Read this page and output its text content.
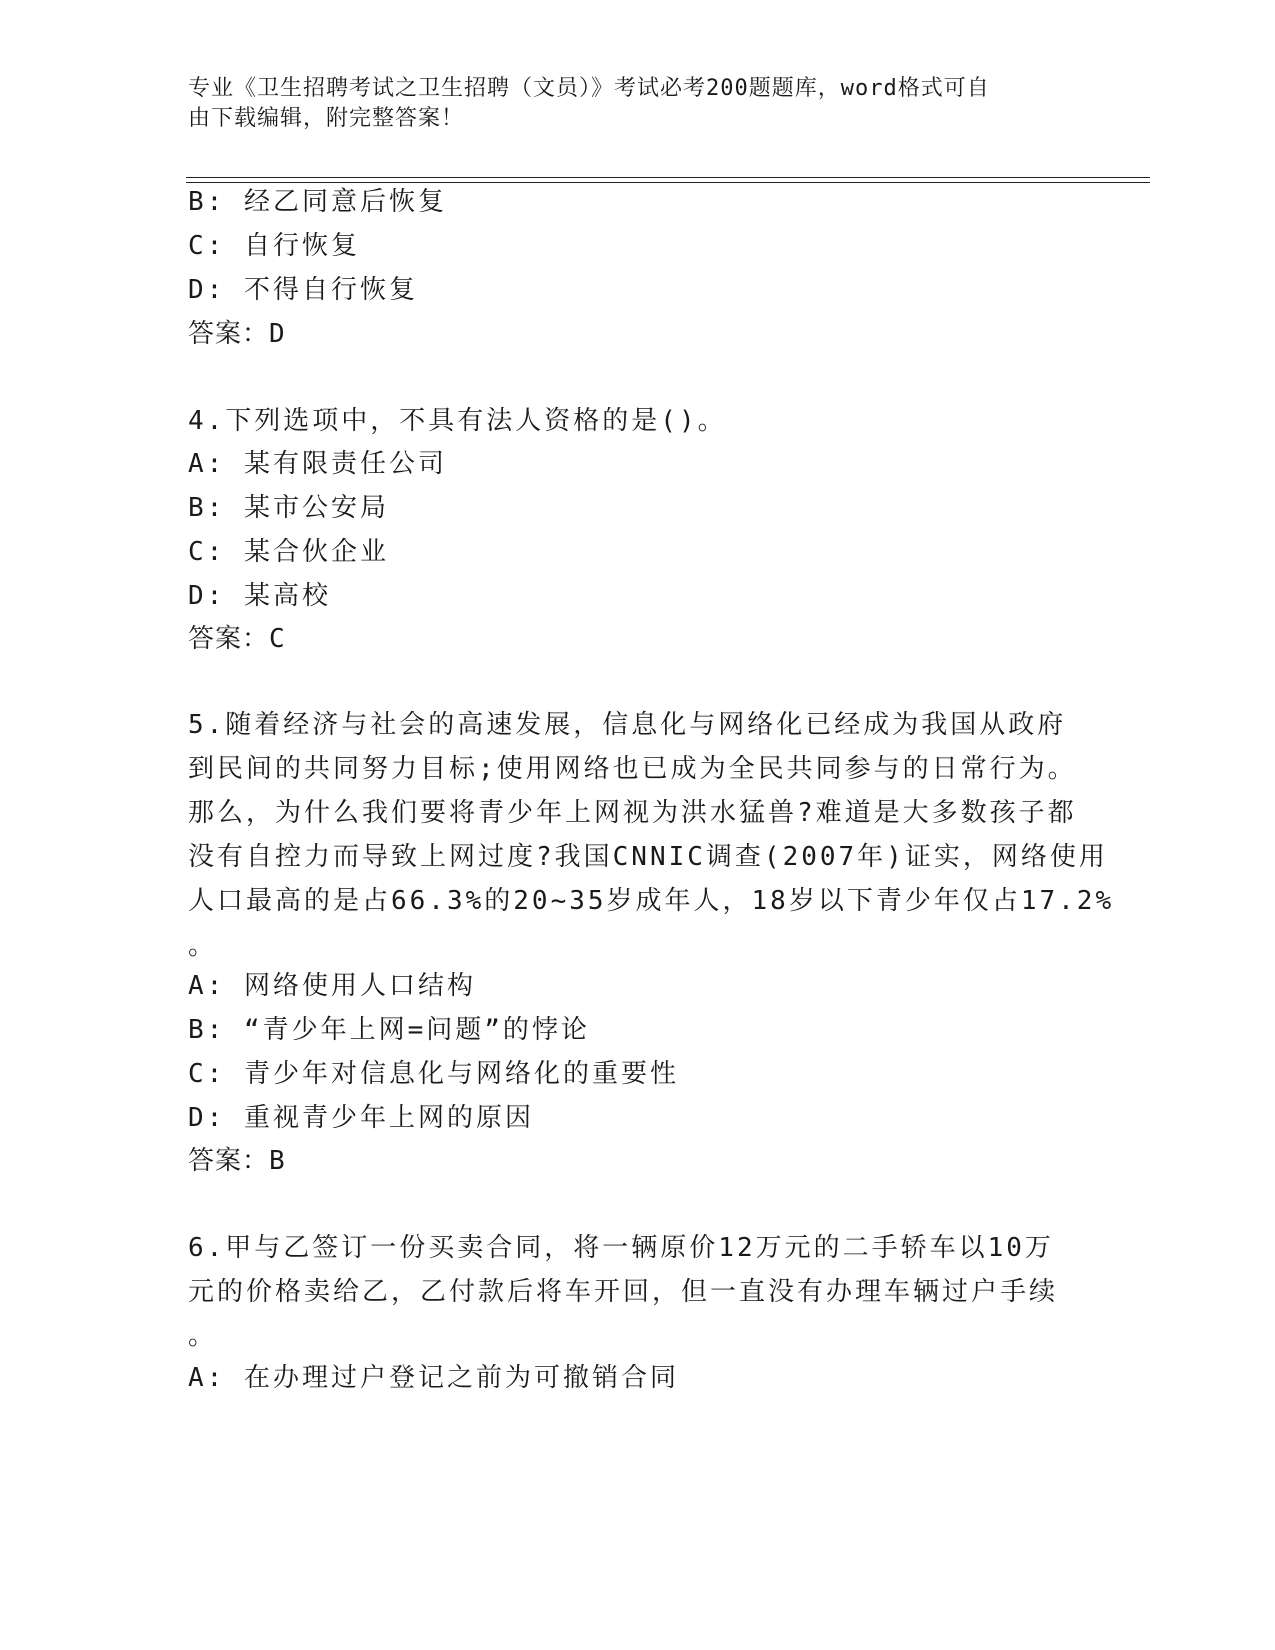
专业《卫生招聘考试之卫生招聘（文员）》考试必考200题题库，word格式可自
由下载编辑，附完整答案！
B: 经乙同意后恢复
C: 自行恢复
D: 不得自行恢复
答案：D
4.下列选项中，不具有法人资格的是()。
A: 某有限责任公司
B: 某市公安局
C: 某合伙企业
D: 某高校
答案：C
5.随着经济与社会的高速发展，信息化与网络化已经成为我国从政府
到民间的共同努力目标;使用网络也已成为全民共同参与的日常行为。
那么，为什么我们要将青少年上网视为洪水猛兽?难道是大多数孩子都
没有自控力而导致上网过度?我国CNNIC调查(2007年)证实，网络使用
人口最高的是占66.3%的20~35岁成年人，18岁以下青少年仅占17.2%
。
A: 网络使用人口结构
B: “青少年上网=问题”的悖论
C: 青少年对信息化与网络化的重要性
D: 重视青少年上网的原因
答案：B
6.甲与乙签订一份买卖合同，将一辆原价12万元的二手轿车以10万
元的价格卖给乙，乙付款后将车开回，但一直没有办理车辆过户手续
。
A: 在办理过户登记之前为可撤销合同
